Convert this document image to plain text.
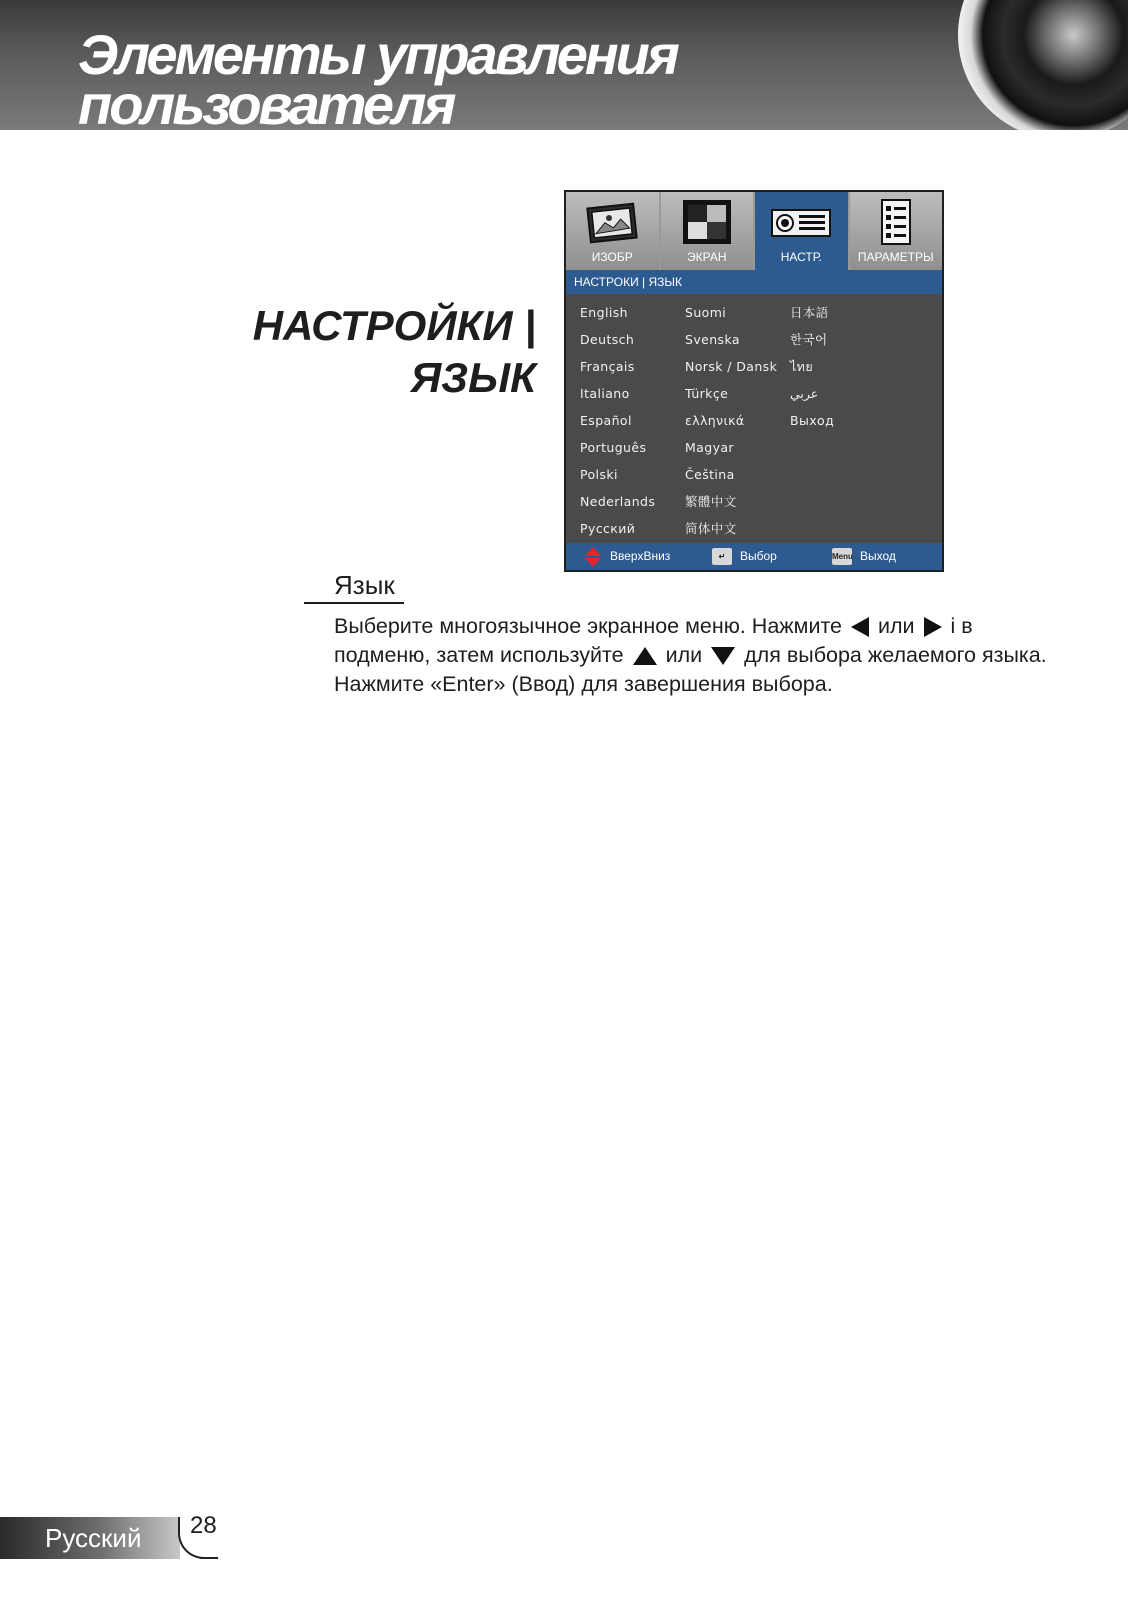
Элементы управления
пользователя
НАСТРОЙКИ |
ЯЗЫК
ИЗОБР	ЭКРАН	НАСТР.	ПАРАМЕТРЫ
НАСТРОКИ | ЯЗЫК
English	Suomi	日本語
Deutsch	Svenska	한국어
Français	Norsk / Dansk	ไทย
Italiano	Türkçe	عربي
Español	ελληνικά	Выход
Português	Magyar
Polski	Čeština
Nederlands	繁體中文
Русский	简体中文
ВверхВниз	↵	Выбор	Menu Выход
Язык
Выберите многоязычное экранное меню. Нажмите или і в подменю, затем используйте или для выбора желаемого языка. Нажмите «Enter» (Ввод) для завершения выбора.
Русский 28
